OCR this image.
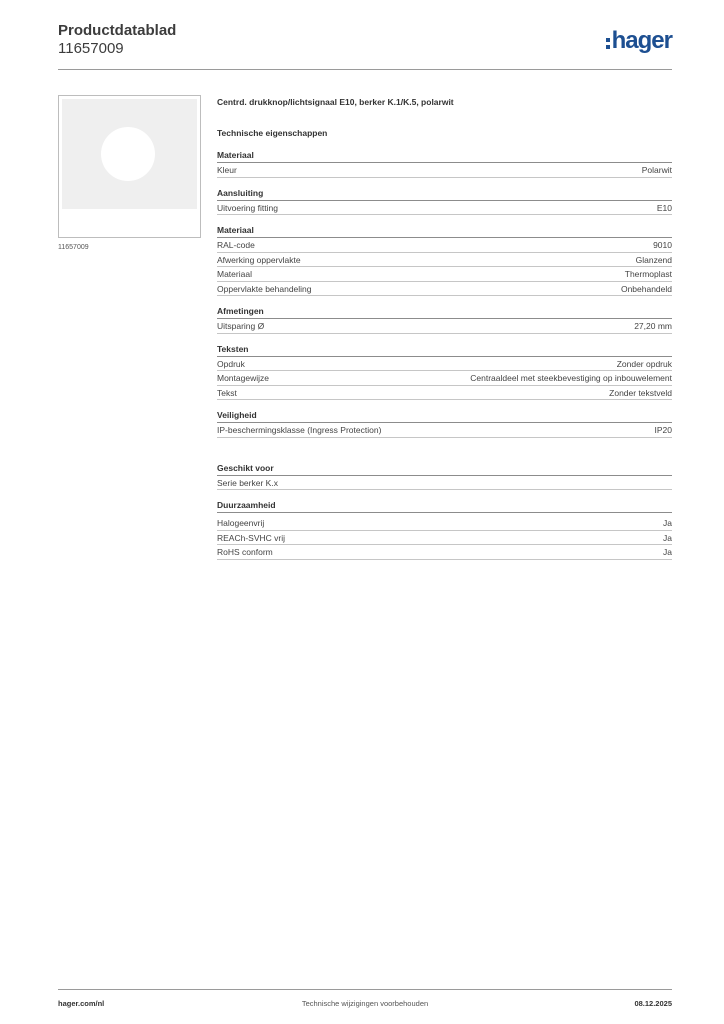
Productdatablad
11657009	hager
11657009
Centrd. drukknop/lichtsignaal E10, berker K.1/K.5, polarwit
Technische eigenschappen
Materiaal
Kleur	Polarwit
Aansluiting
Uitvoering fitting	E10
Materiaal
RAL-code	9010
Afwerking oppervlakte	Glanzend
Materiaal	Thermoplast
Oppervlakte behandeling	Onbehandeld
Afmetingen
Uitsparing Ø	27,20 mm
Teksten
Opdruk	Zonder opdruk
Montagewijze	Centraaldeel met steekbevestiging op inbouwelement
Tekst	Zonder tekstveld
Veiligheid
IP-beschermingsklasse (Ingress Protection)	IP20
Geschikt voor
Serie berker K.x
Duurzaamheid
Halogeenvrij	Ja
REACh-SVHC vrij	Ja
RoHS conform	Ja
hager.com/nl	Technische wijzigingen voorbehouden	08.12.2025
